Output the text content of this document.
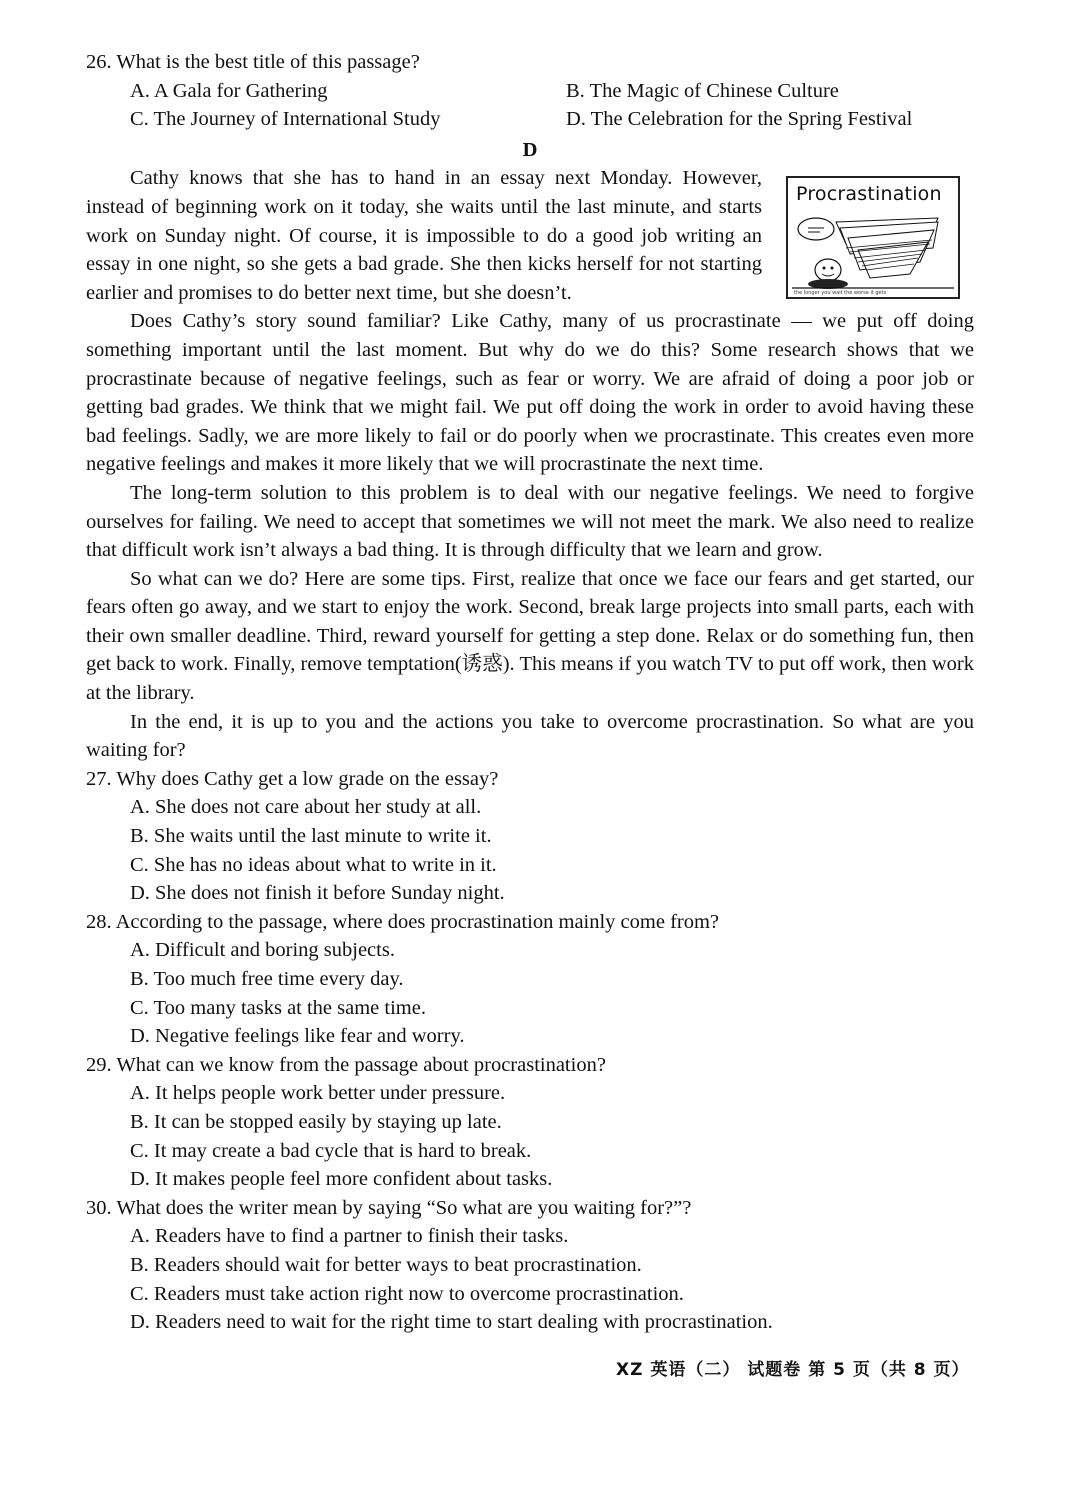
26. What is the best title of this passage?

A. A Gala for Gathering	B. The Magic of Chinese Culture
C. The Journey of International Study	D. The Celebration for the Spring Festival

D

Cathy knows that she has to hand in an essay next Monday. However, instead of beginning work on it today, she waits until the last minute, and starts work on Sunday night. Of course, it is impossible to do a good job writing an essay in one night, so she gets a bad grade. She then kicks herself for not starting earlier and promises to do better next time, but she doesn’t.

Procrastination
the longer you wait the worse it gets

Does Cathy’s story sound familiar? Like Cathy, many of us procrastinate — we put off doing something important until the last moment. But why do we do this? Some research shows that we procrastinate because of negative feelings, such as fear or worry. We are afraid of doing a poor job or getting bad grades. We think that we might fail. We put off doing the work in order to avoid having these bad feelings. Sadly, we are more likely to fail or do poorly when we procrastinate. This creates even more negative feelings and makes it more likely that we will procrastinate the next time.

The long-term solution to this problem is to deal with our negative feelings. We need to forgive ourselves for failing. We need to accept that sometimes we will not meet the mark. We also need to realize that difficult work isn’t always a bad thing. It is through difficulty that we learn and grow.

So what can we do? Here are some tips. First, realize that once we face our fears and get started, our fears often go away, and we start to enjoy the work. Second, break large projects into small parts, each with their own smaller deadline. Third, reward yourself for getting a step done. Relax or do something fun, then get back to work. Finally, remove temptation(诱惑). This means if you watch TV to put off work, then work at the library.

In the end, it is up to you and the actions you take to overcome procrastination. So what are you waiting for?

27. Why does Cathy get a low grade on the essay?

A. She does not care about her study at all.

B. She waits until the last minute to write it.

C. She has no ideas about what to write in it.

D. She does not finish it before Sunday night.

28. According to the passage, where does procrastination mainly come from?

A. Difficult and boring subjects.

B. Too much free time every day.

C. Too many tasks at the same time.

D. Negative feelings like fear and worry.

29. What can we know from the passage about procrastination?

A. It helps people work better under pressure.

B. It can be stopped easily by staying up late.

C. It may create a bad cycle that is hard to break.

D. It makes people feel more confident about tasks.

30. What does the writer mean by saying “So what are you waiting for?”?

A. Readers have to find a partner to finish their tasks.

B. Readers should wait for better ways to beat procrastination.

C. Readers must take action right now to overcome procrastination.

D. Readers need to wait for the right time to start dealing with procrastination.

XZ 英语（二） 试题卷 第 5 页（共 8 页）
